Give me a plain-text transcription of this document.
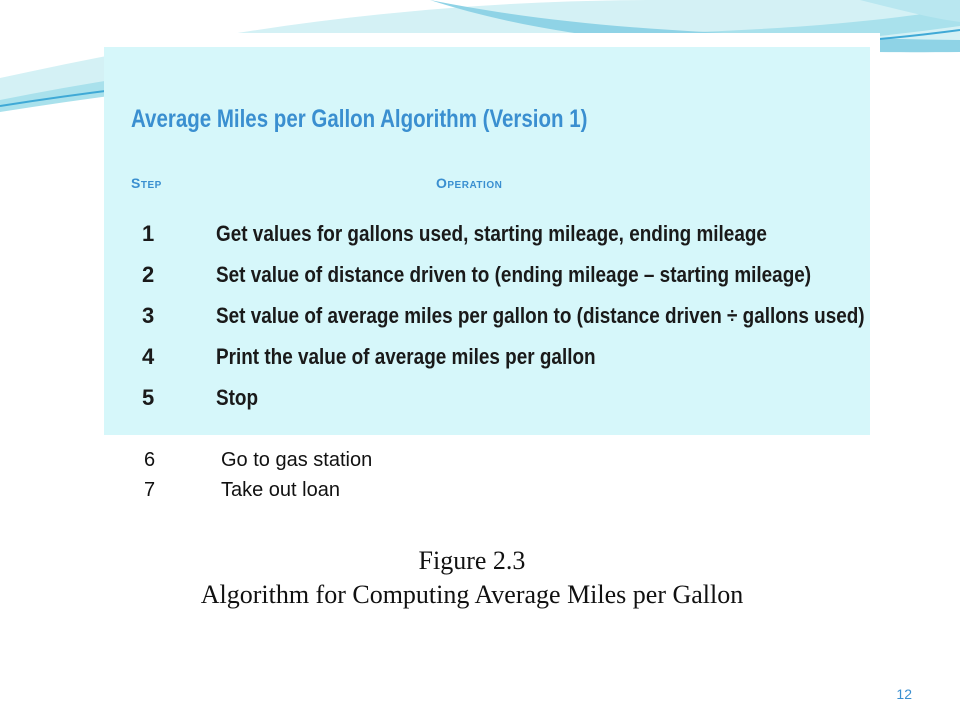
Average Miles per Gallon Algorithm (Version 1)
Step	Operation
1	Get values for gallons used, starting mileage, ending mileage
2	Set value of distance driven to (ending mileage – starting mileage)
3	Set value of average miles per gallon to (distance driven ÷ gallons used)
4	Print the value of average miles per gallon
5	Stop
6	Go to gas station
7	Take out loan
Figure 2.3
Algorithm for Computing Average Miles per Gallon
12
